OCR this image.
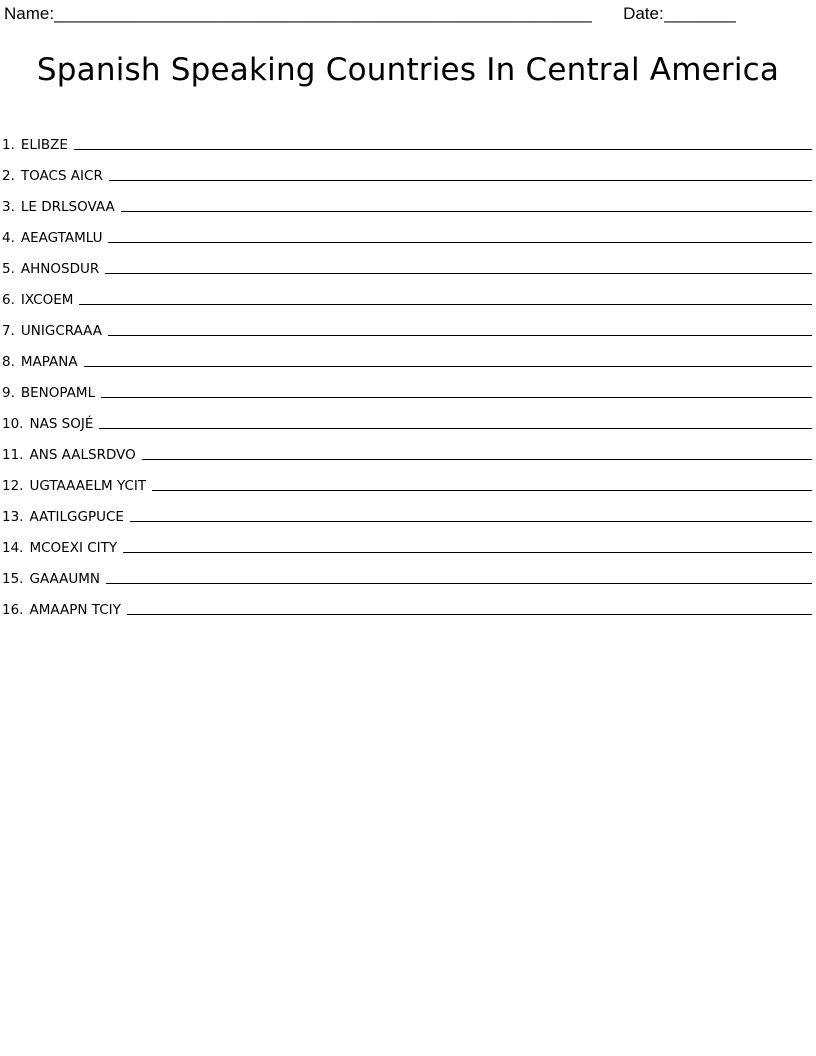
Name: ____________________________________________________________	Date: ________
Spanish Speaking Countries In Central America
1. ELIBZE
2. TOACS AICR
3. LE DRLSOVAA
4. AEAGTAMLU
5. AHNOSDUR
6. IXCOEM
7. UNIGCRAAA
8. MAPANA
9. BENOPAML
10. NAS SOJÉ
11. ANS AALSRDVO
12. UGTAAAELM YCIT
13. AATILGGPUCE
14. MCOEXI CITY
15. GAAAUMN
16. AMAAPN TCIY
